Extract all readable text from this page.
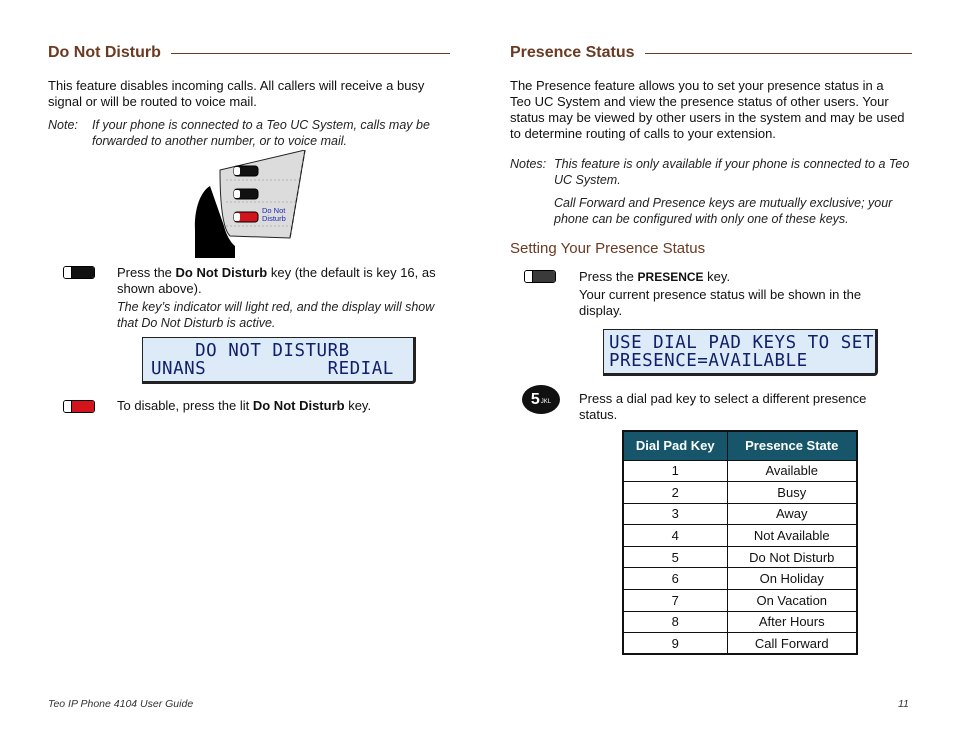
Do Not Disturb
This feature disables incoming calls. All callers will receive a busy signal or will be routed to voice mail.
Note: If your phone is connected to a Teo UC System, calls may be forwarded to another number, or to voice mail.
Do Not
Disturb
Press the Do Not Disturb key (the default is key 16, as shown above).
The key’s indicator will light red, and the display will show that Do Not Disturb is active.
DO NOT DISTURB
UNANS           REDIAL
To disable, press the lit Do Not Disturb key.
Presence Status
The Presence feature allows you to set your presence status in a Teo UC System and view the presence status of other users. Your status may be viewed by other users in the system and may be used to determine routing of calls to your extension.
Notes: This feature is only available if your phone is connected to a Teo UC System.
Call Forward and Presence keys are mutually exclusive; your phone can be configured with only one of these keys.
Setting Your Presence Status
Press the PRESENCE key.
Your current presence status will be shown in the display.
USE DIAL PAD KEYS TO SET
PRESENCE=AVAILABLE
5 JKL Press a dial pad key to select a different presence status.
Dial Pad Key	Presence State
1	Available
2	Busy
3	Away
4	Not Available
5	Do Not Disturb
6	On Holiday
7	On Vacation
8	After Hours
9	Call Forward
Teo IP Phone 4104 User Guide	11
